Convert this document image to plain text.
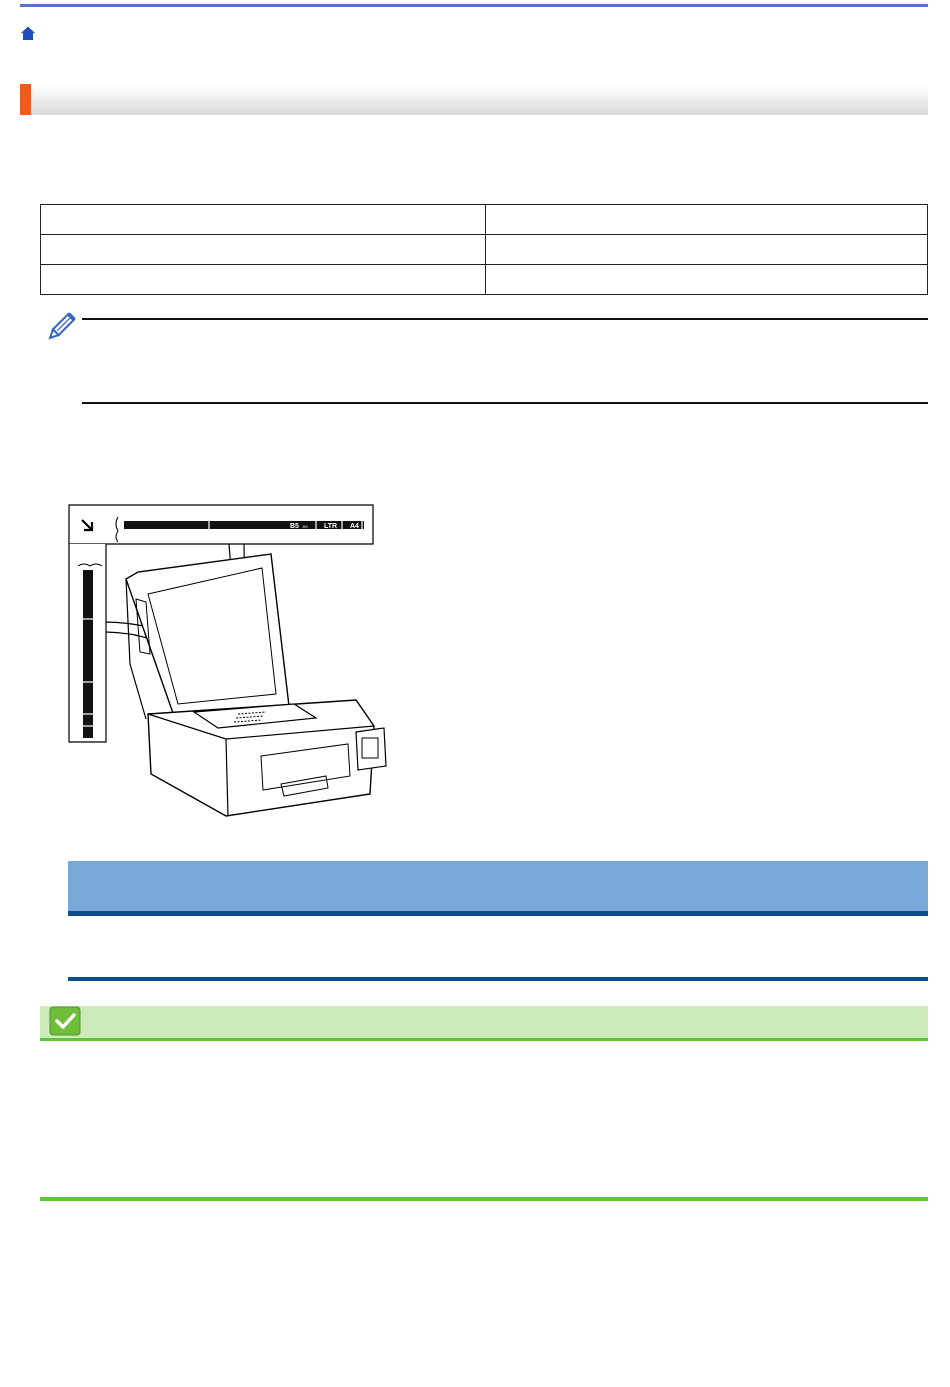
B5 JIS LTR A4
